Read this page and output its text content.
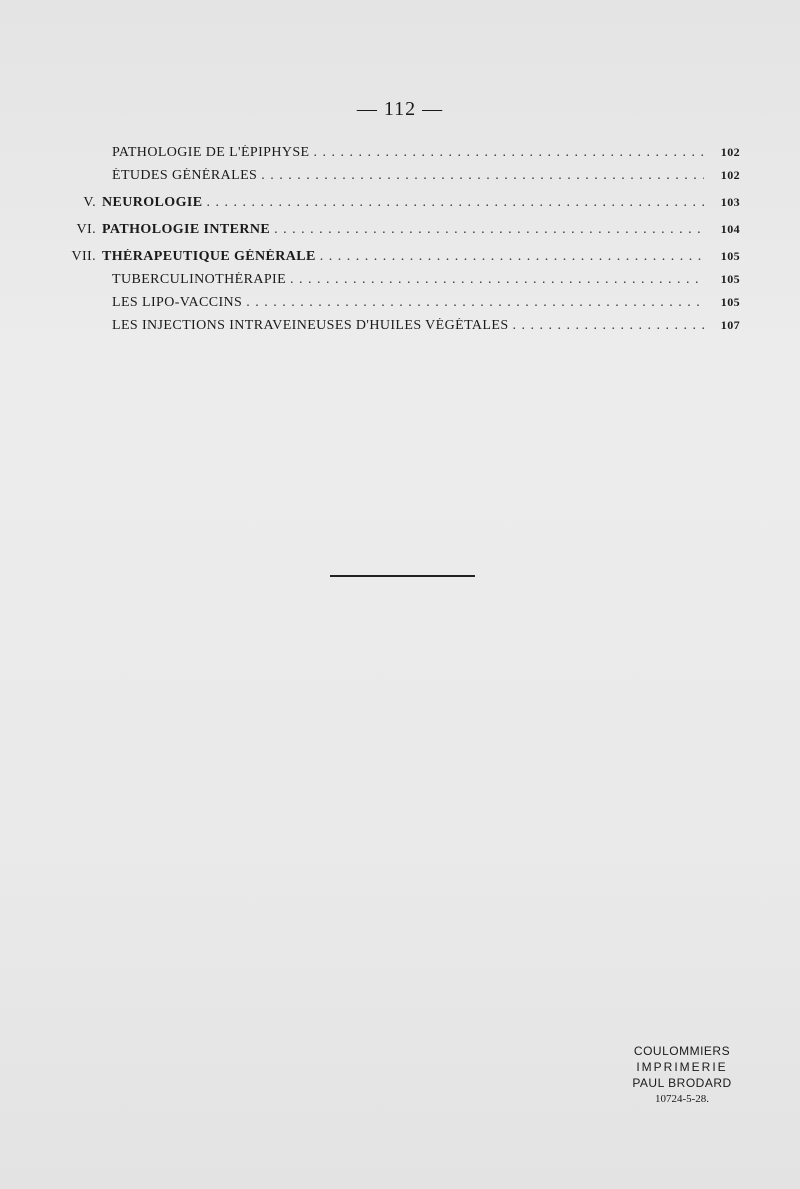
— 112 —
PATHOLOGIE DE L'ÉPIPHYSE . . .	102
ÉTUDES GÉNÉRALES . . .	102
V. NEUROLOGIE . . .	103
VI. PATHOLOGIE INTERNE . . .	104
VII. THÉRAPEUTIQUE GÉNÉRALE . . .	105
TUBERCULINOTHÉRAPIE . . .	105
LES LIPO-VACCINS . . .	105
LES INJECTIONS INTRAVEINEUSES D'HUILES VÉGÉTALES . . .	107
COULOMMIERS
IMPRIMERIE
PAUL BRODARD
10724-5-28.
